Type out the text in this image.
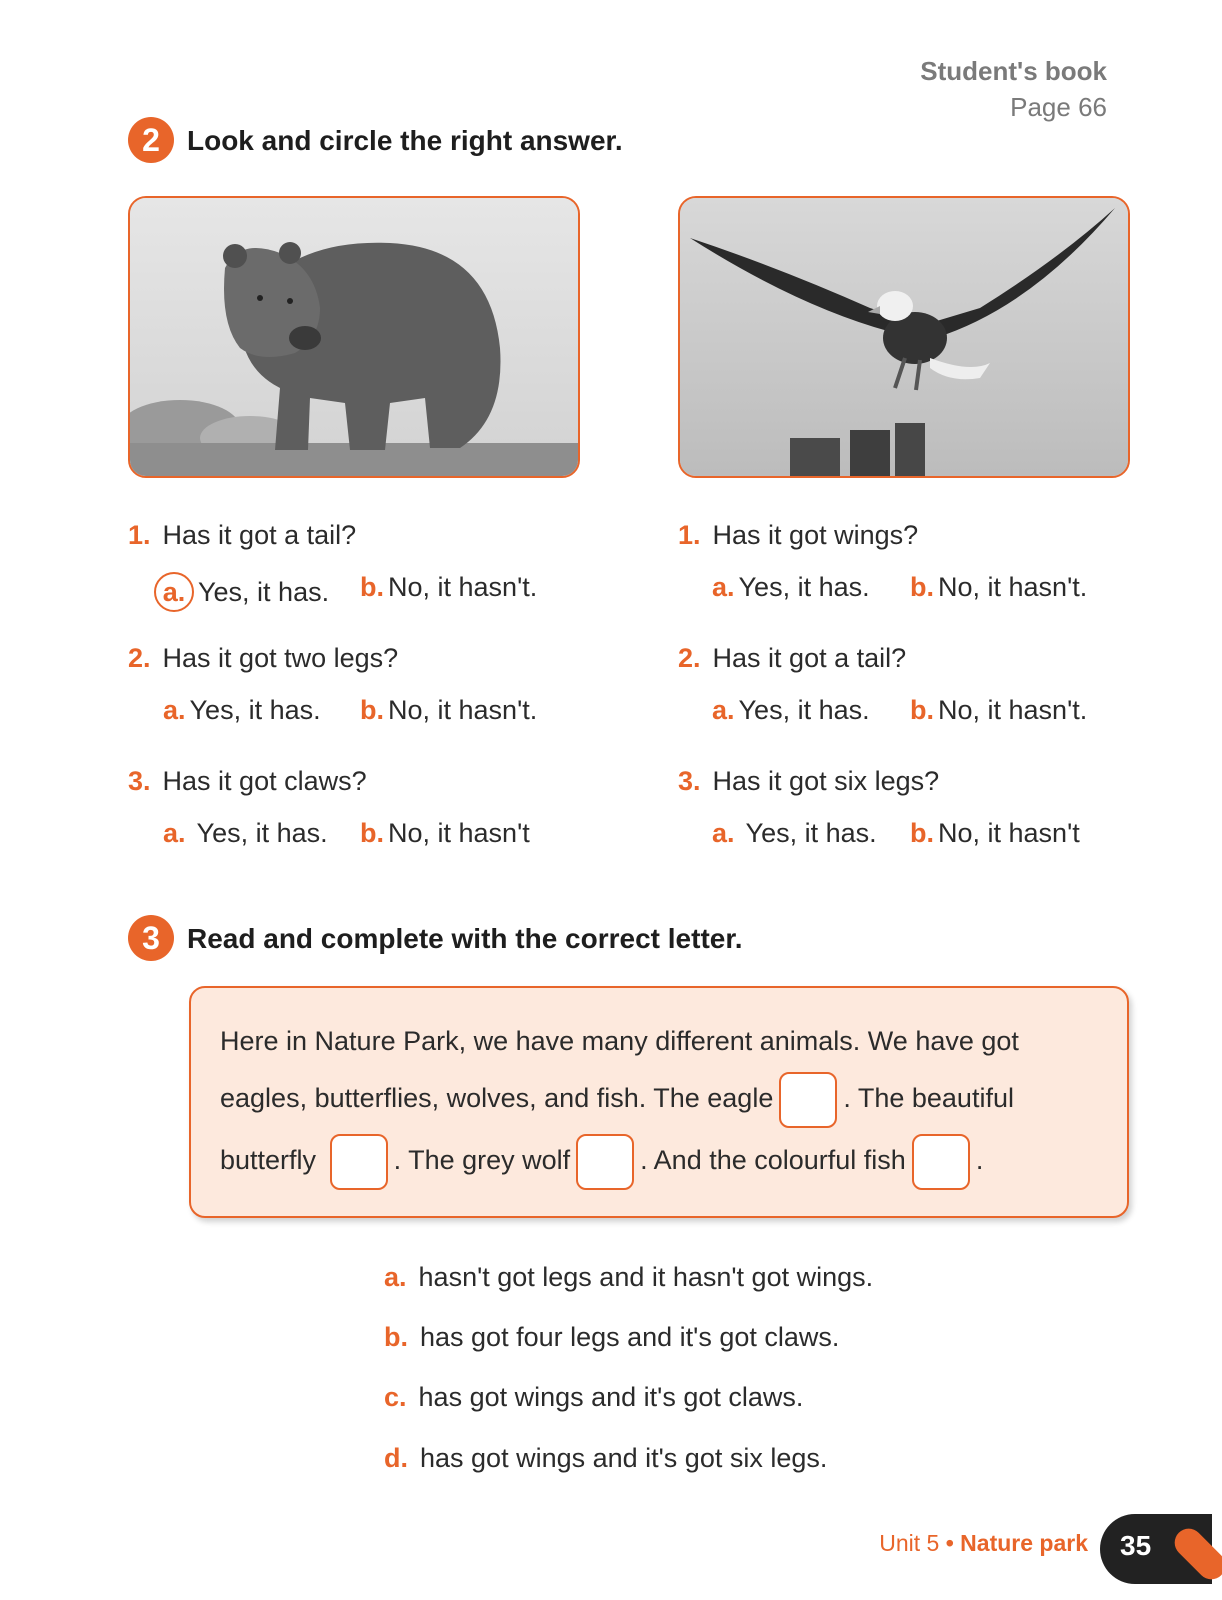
Student's book
Page 66
2 Look and circle the right answer.
1. Has it got a tail?
a. Yes, it has. b. No, it hasn't.
2. Has it got two legs?
a. Yes, it has. b. No, it hasn't.
3. Has it got claws?
a. Yes, it has. b. No, it hasn't
1. Has it got wings?
a. Yes, it has. b. No, it hasn't.
2. Has it got a tail?
a. Yes, it has. b. No, it hasn't.
3. Has it got six legs?
a. Yes, it has. b. No, it hasn't
3 Read and complete with the correct letter.
Here in Nature Park, we have many different animals. We have got
eagles, butterflies, wolves, and fish. The eagle	. The beautiful
butterfly	. The grey wolf	. And the colourful fish	.
a. hasn't got legs and it hasn't got wings.
b. has got four legs and it's got claws.
c. has got wings and it's got claws.
d. has got wings and it's got six legs.
Unit 5 • Nature park 35
